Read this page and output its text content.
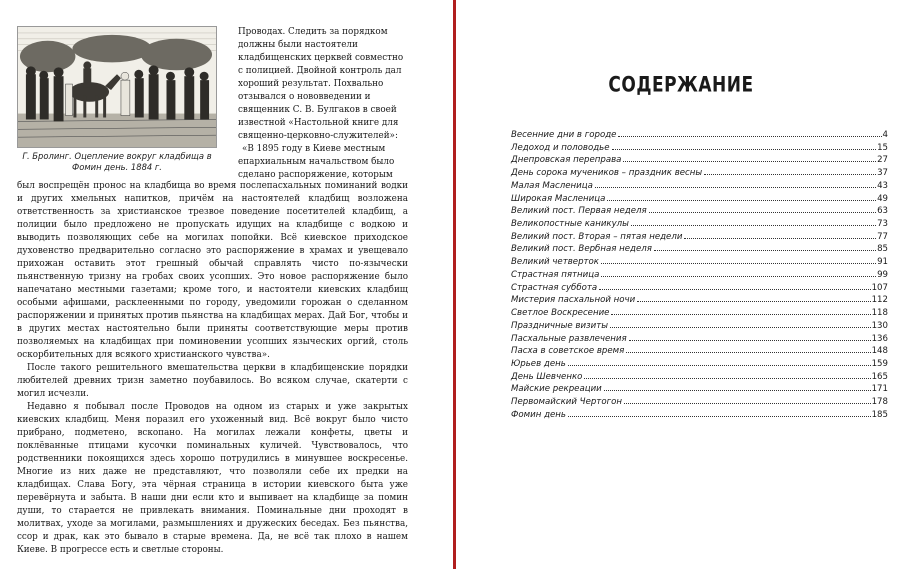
Г. Бролинг. Оцепление вокруг кладбища в Фомин день. 1884 г.

Проводах. Следить за порядком должны были настоятели кладбищенских церквей совместно с полицией. Двойной контроль дал хороший результат. Похвально отзывался о нововведении и священник С. В. Булгаков в своей известной «Настольной книге для священно-церковно-служителей»:

«В 1895 году в Киеве местным епархиальным начальством было сделано распоряжение, которым

был воспрещён пронос на кладбища во время послепасхальных поминаний водки и других хмельных напитков, причём на настоятелей кладбищ возложена ответственность за христианское трезвое поведение посетителей кладбищ, а полиции было предложено не пропускать идущих на кладбище с водкою и выводить позволяющих себе на могилах попойки. Всё киевское приходское духовенство предварительно согласно это распоряжение в храмах и увещевало прихожан оставить этот грешный обычай справлять чисто по-язычески пьянственную тризну на гробах своих усопших. Это новое распоряжение было напечатано местными газетами; кроме того, и настоятели киевских кладбищ особыми афишами, расклеенными по городу, уведомили горожан о сделанном распоряжении и принятых против пьянства на кладбищах мерах. Дай Бог, чтобы и в других местах настоятельно были приняты соответствующие меры против позволяемых на кладбищах при поминовении усопших языческих оргий, столь оскорбительных для всякого христианского чувства».

После такого решительного вмешательства церкви в кладбищенские порядки любителей древних тризн заметно поубавилось. Во всяком случае, скатерти с могил исчезли.

Недавно я побывал после Проводов на одном из старых и уже закрытых киевских кладбищ. Меня поразил его ухоженный вид. Всё вокруг было чисто прибрано, подметено, вскопано. На могилах лежали конфеты, цветы и поклёванные птицами кусочки поминальных куличей. Чувствовалось, что родственники покоящихся здесь хорошо потрудились в минувшее воскресенье. Многие из них даже не представляют, что позволяли себе их предки на кладбищах. Слава Богу, эта чёрная страница в истории киевского быта уже перевёрнута и забыта. В наши дни если кто и выпивает на кладбище за помин души, то старается не привлекать внимания. Поминальные дни проходят в молитвах, уходе за могилами, размышлениях и дружеских беседах. Без пьянства, ссор и драк, как это бывало в старые времена. Да, не всё так плохо в нашем Киеве. В прогрессе есть и светлые стороны.

СОДЕРЖАНИЕ
Весенние дни в городе	4
Ледоход и половодье	15
Днепровская переправа	27
День сорока мучеников – праздник весны	37
Малая Масленица	43
Широкая Масленица	49
Великий пост. Первая неделя	63
Великопостные каникулы	73
Великий пост. Вторая – пятая недели	77
Великий пост. Вербная неделя	85
Великий четверток	91
Страстная пятница	99
Страстная суббота	107
Мистерия пасхальной ночи	112
Светлое Воскресение	118
Праздничные визиты	130
Пасхальные развлечения	136
Пасха в советское время	148
Юрьев день	159
День Шевченко	165
Майские рекреации	171
Первомайский Чертогон	178
Фомин день	185
